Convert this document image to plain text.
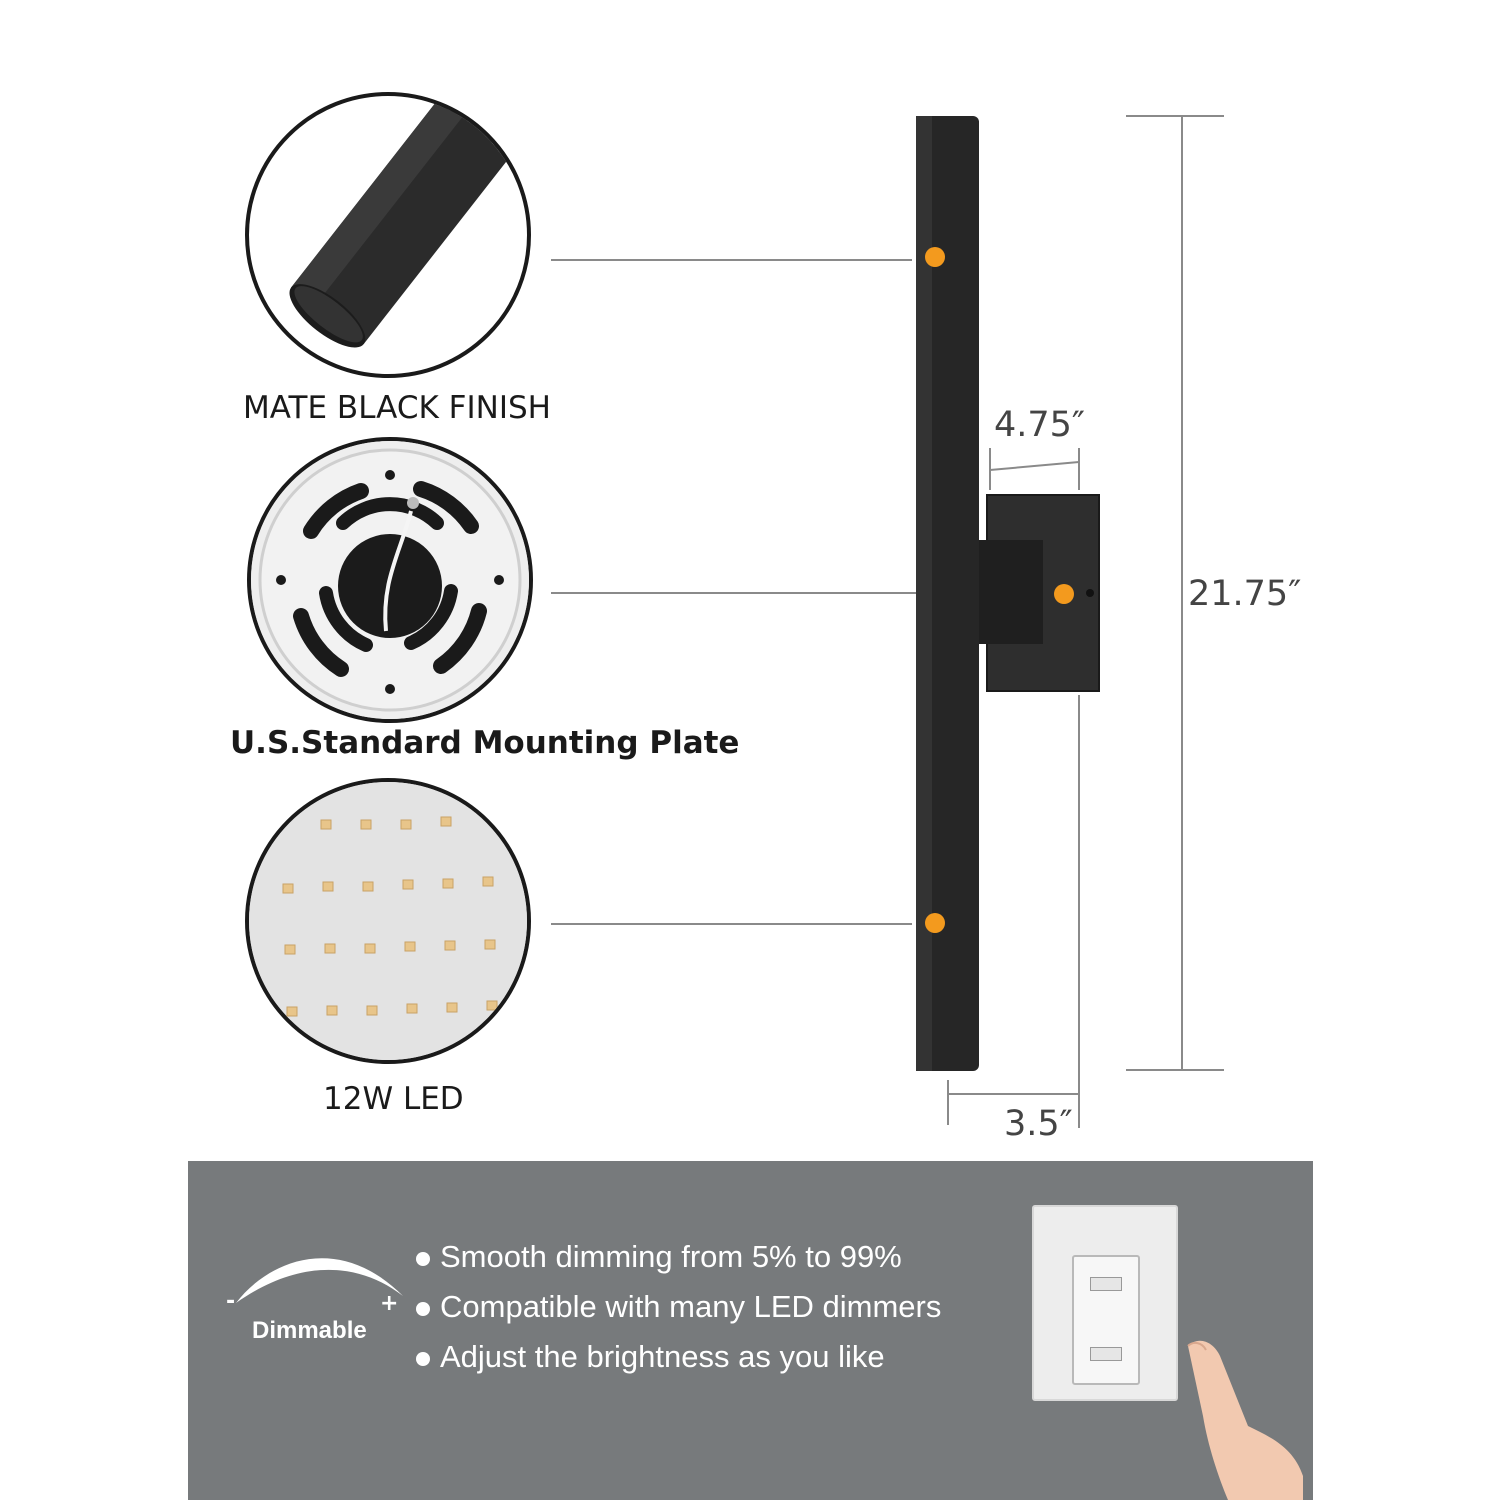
MATE BLACK FINISH
U.S.Standard Mounting Plate
12W LED
4.75″
21.75″
3.5″
-	+
Dimmable
Smooth dimming from 5% to 99%
Compatible with many LED dimmers
Adjust the brightness as you like
